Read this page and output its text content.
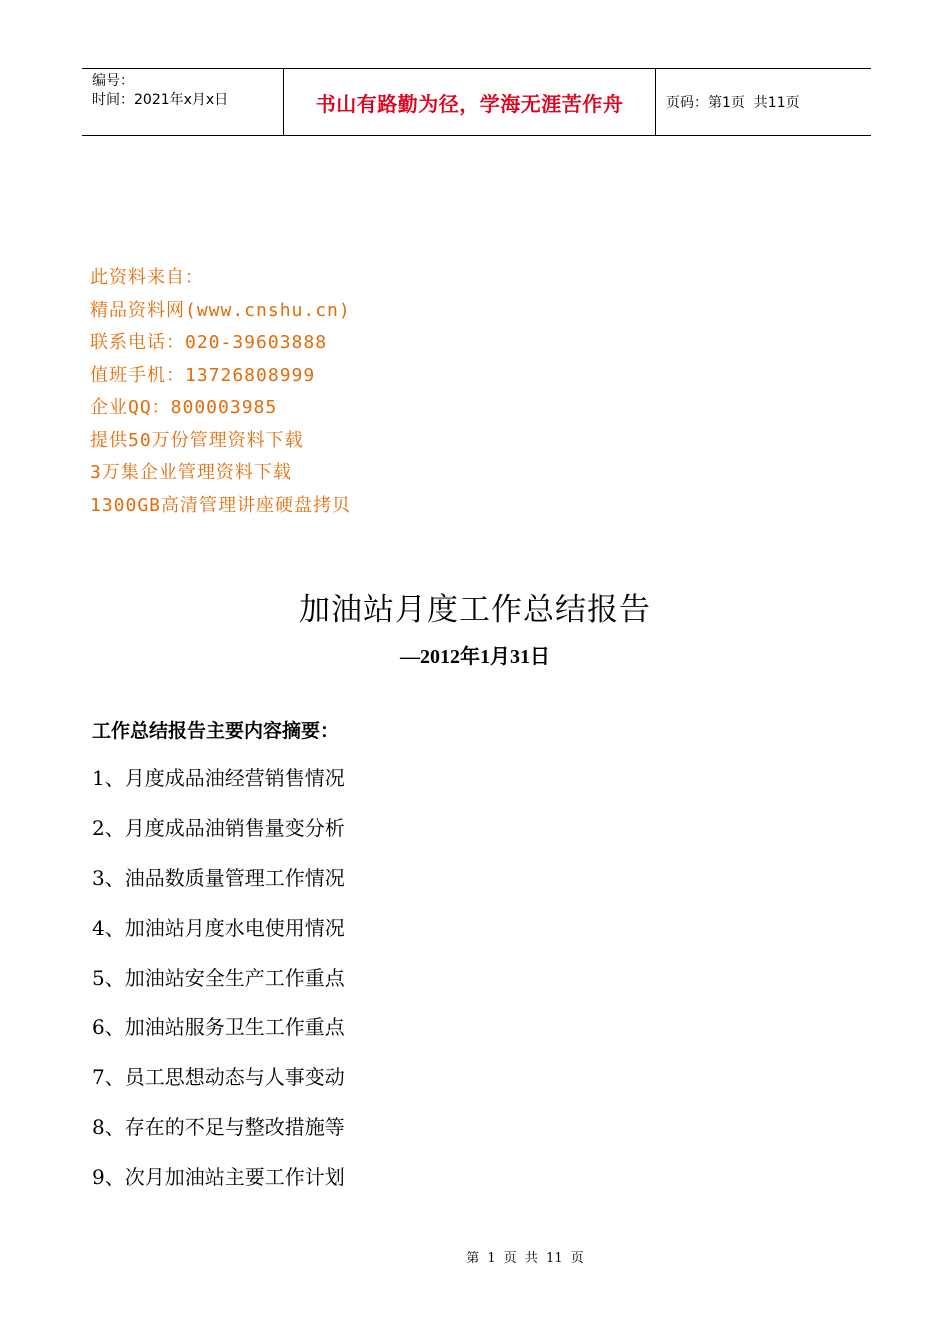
编号：
时间：2021年x月x日	书山有路勤为径，学海无涯苦作舟	页码：第1页  共11页
此资料来自：
精品资料网(www.cnshu.cn)
联系电话：020-39603888
值班手机：13726808999
企业QQ：800003985
提供50万份管理资料下载
3万集企业管理资料下载
1300GB高清管理讲座硬盘拷贝
加油站月度工作总结报告
—2012年1月31日
工作总结报告主要内容摘要：
1、月度成品油经营销售情况
2、月度成品油销售量变分析
3、油品数质量管理工作情况
4、加油站月度水电使用情况
5、加油站安全生产工作重点
6、加油站服务卫生工作重点
7、员工思想动态与人事变动
8、存在的不足与整改措施等
9、次月加油站主要工作计划
第 1 页 共 11 页
